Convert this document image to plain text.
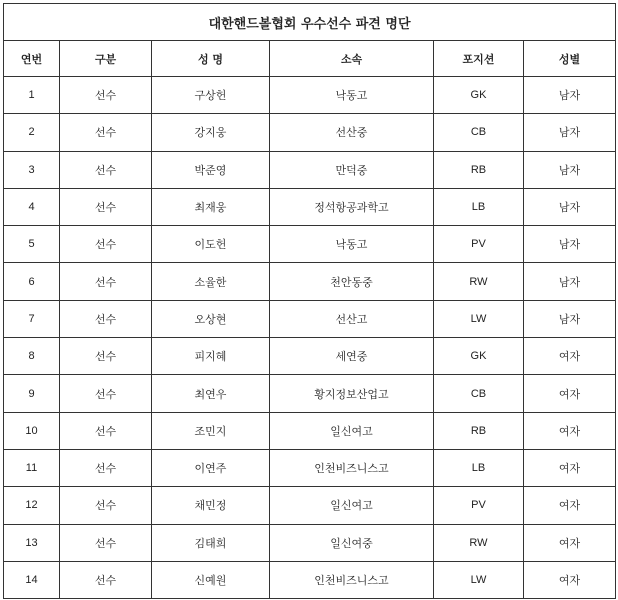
대한핸드볼협회 우수선수 파견 명단					
연번	구분	성 명	소속	포지션	성별
1	선수	구상헌	낙동고	GK	남자
2	선수	강지웅	선산중	CB	남자
3	선수	박준영	만덕중	RB	남자
4	선수	최재웅	정석항공과학고	LB	남자
5	선수	이도헌	낙동고	PV	남자
6	선수	소율한	천안동중	RW	남자
7	선수	오상현	선산고	LW	남자
8	선수	피지혜	세연중	GK	여자
9	선수	최연우	황지정보산업고	CB	여자
10	선수	조민지	일신여고	RB	여자
11	선수	이연주	인천비즈니스고	LB	여자
12	선수	채민정	일신여고	PV	여자
13	선수	김태희	일신여중	RW	여자
14	선수	신예원	인천비즈니스고	LW	여자
